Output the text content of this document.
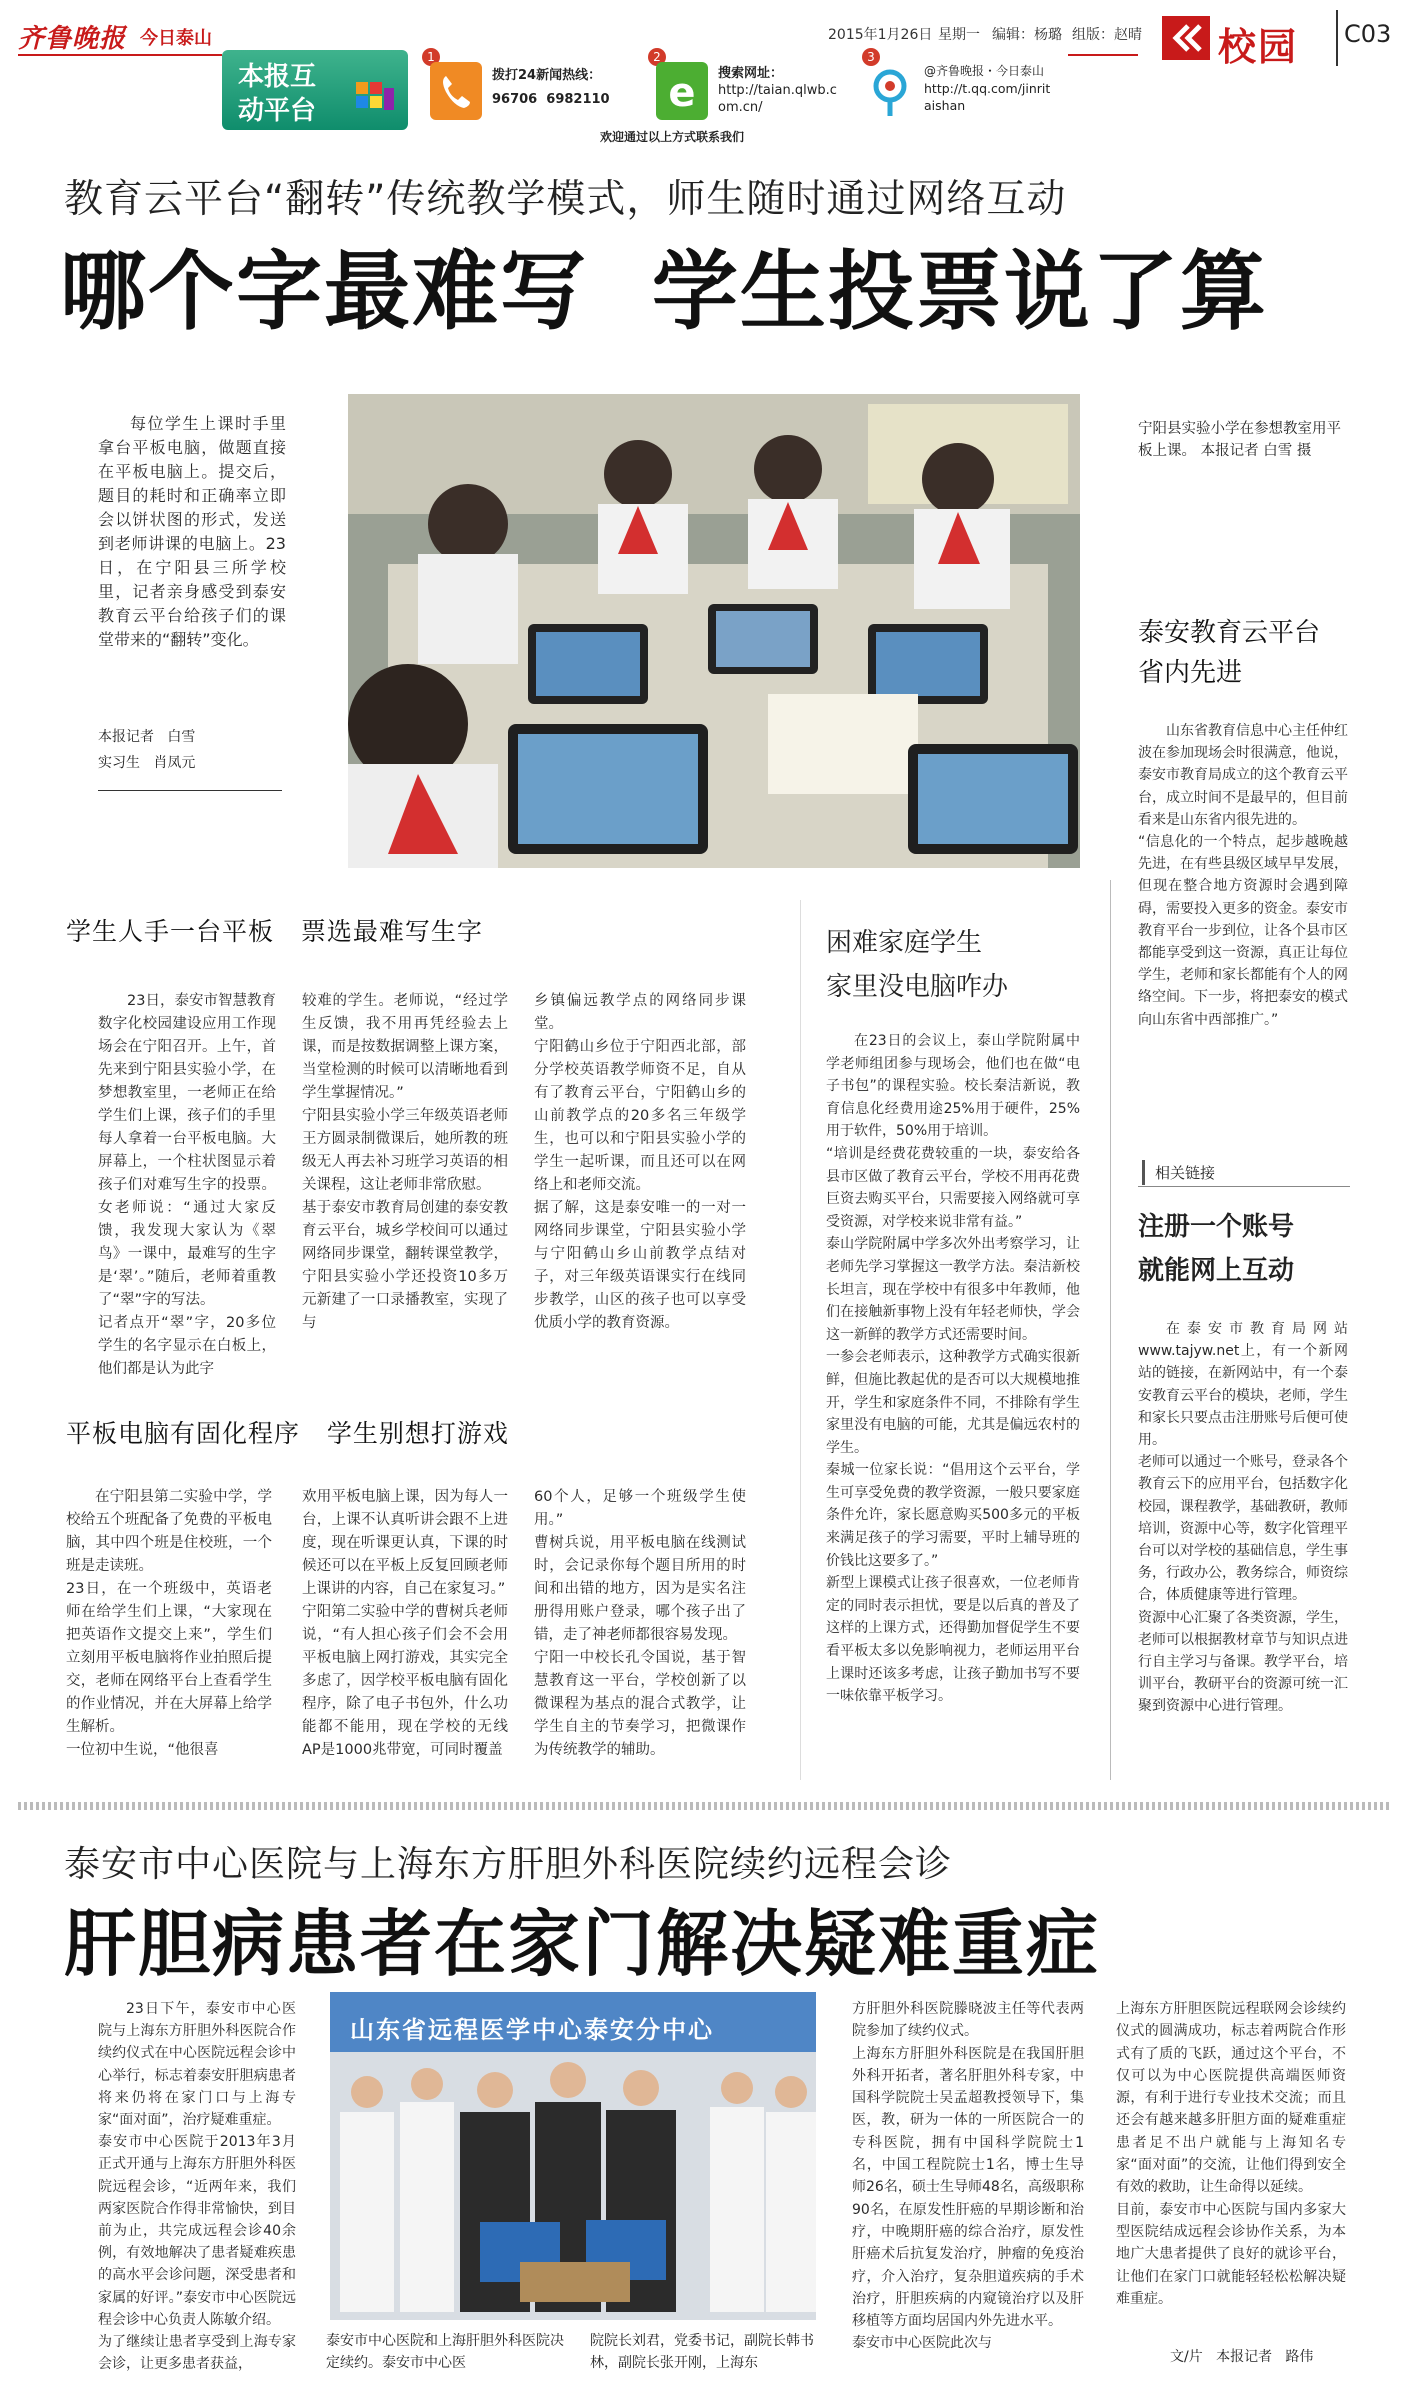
齐鲁晚报 今日泰山	2015年1月26日 星期一 编辑：杨璐 组版：赵晴 校园 C03
本报互
动平台
1
拨打24新闻热线：
96706  6982110
2
e 搜索网址：
http://taian.qlwb.com.cn/
3
@齐鲁晚报・今日泰山
http://t.qq.com/jinritaishan
欢迎通过以上方式联系我们
教育云平台“翻转”传统教学模式，师生随时通过网络互动
哪个字最难写  学生投票说了算
每位学生上课时手里拿台平板电脑，做题直接在平板电脑上。提交后，题目的耗时和正确率立即会以饼状图的形式，发送到老师讲课的电脑上。23日，在宁阳县三所学校里，记者亲身感受到泰安教育云平台给孩子们的课堂带来的“翻转”变化。
本报记者   白雪
实习生   肖凤元
宁阳县实验小学在参想教室用平板上课。 本报记者 白雪 摄
泰安教育云平台
省内先进
山东省教育信息中心主任仲红波在参加现场会时很满意，他说，泰安市教育局成立的这个教育云平台，成立时间不是最早的，但目前看来是山东省内很先进的。
“信息化的一个特点，起步越晚越先进，在有些县级区域早早发展，但现在整合地方资源时会遇到障碍，需要投入更多的资金。泰安市教育平台一步到位，让各个县市区都能享受到这一资源，真正让每位学生，老师和家长都能有个人的网络空间。下一步，将把泰安的模式向山东省中西部推广。”
相关链接
注册一个账号
就能网上互动
在泰安市教育局网站www.tajyw.net上，有一个新网站的链接，在新网站中，有一个泰安教育云平台的模块，老师，学生和家长只要点击注册账号后便可使用。
老师可以通过一个账号，登录各个教育云下的应用平台，包括数字化校园，课程教学，基础教研，教师培训，资源中心等，数字化管理平台可以对学校的基础信息，学生事务，行政办公，教务综合，师资综合，体质健康等进行管理。
资源中心汇聚了各类资源，学生，老师可以根据教材章节与知识点进行自主学习与备课。教学平台，培训平台，教研平台的资源可统一汇聚到资源中心进行管理。
学生人手一台平板   票选最难写生字
23日，泰安市智慧教育数字化校园建设应用工作现场会在宁阳召开。上午，首先来到宁阳县实验小学，在梦想教室里，一老师正在给学生们上课，孩子们的手里每人拿着一台平板电脑。大屏幕上，一个柱状图显示着孩子们对难写生字的投票。女老师说：“通过大家反馈，我发现大家认为《翠鸟》一课中，最难写的生字是‘翠’。”随后，老师着重教了“翠”字的写法。
记者点开“翠”字，20多位学生的名字显示在白板上，他们都是认为此字
较难的学生。老师说，“经过学生反馈，我不用再凭经验去上课，而是按数据调整上课方案，当堂检测的时候可以清晰地看到学生掌握情况。”
宁阳县实验小学三年级英语老师王方圆录制微课后，她所教的班级无人再去补习班学习英语的相关课程，这让老师非常欣慰。
基于泰安市教育局创建的泰安教育云平台，城乡学校间可以通过网络同步课堂，翻转课堂教学，宁阳县实验小学还投资10多万元新建了一口录播教室，实现了与
乡镇偏远教学点的网络同步课堂。
宁阳鹤山乡位于宁阳西北部，部分学校英语教学师资不足，自从有了教育云平台，宁阳鹤山乡的山前教学点的20多名三年级学生，也可以和宁阳县实验小学的学生一起听课，而且还可以在网络上和老师交流。
据了解，这是泰安唯一的一对一网络同步课堂，宁阳县实验小学与宁阳鹤山乡山前教学点结对子，对三年级英语课实行在线同步教学，山区的孩子也可以享受优质小学的教育资源。
平板电脑有固化程序   学生别想打游戏
在宁阳县第二实验中学，学校给五个班配备了免费的平板电脑，其中四个班是住校班，一个班是走读班。
23日，在一个班级中，英语老师在给学生们上课，“大家现在把英语作文提交上来”，学生们立刻用平板电脑将作业拍照后提交，老师在网络平台上查看学生的作业情况，并在大屏幕上给学生解析。
一位初中生说，“他很喜
欢用平板电脑上课，因为每人一台，上课不认真听讲会跟不上进度，现在听课更认真，下课的时候还可以在平板上反复回顾老师上课讲的内容，自己在家复习。”
宁阳第二实验中学的曹树兵老师说，“有人担心孩子们会不会用平板电脑上网打游戏，其实完全多虑了，因学校平板电脑有固化程序，除了电子书包外，什么功能都不能用，现在学校的无线AP是1000兆带宽，可同时覆盖
60个人，足够一个班级学生使用。”
曹树兵说，用平板电脑在线测试时，会记录你每个题目所用的时间和出错的地方，因为是实名注册得用账户登录，哪个孩子出了错，走了神老师都很容易发现。
宁阳一中校长孔令国说，基于智慧教育这一平台，学校创新了以微课程为基点的混合式教学，让学生自主的节奏学习，把微课作为传统教学的辅助。
困难家庭学生
家里没电脑咋办
在23日的会议上，泰山学院附属中学老师组团参与现场会，他们也在做“电子书包”的课程实验。校长秦洁新说，教育信息化经费用途25%用于硬件，25%用于软件，50%用于培训。
“培训是经费花费较重的一块，泰安给各县市区做了教育云平台，学校不用再花费巨资去购买平台，只需要接入网络就可享受资源，对学校来说非常有益。”
泰山学院附属中学多次外出考察学习，让老师先学习掌握这一教学方法。秦洁新校长坦言，现在学校中有很多中年教师，他们在接触新事物上没有年轻老师快，学会这一新鲜的教学方式还需要时间。
一参会老师表示，这种教学方式确实很新鲜，但施比教起优的是否可以大规模地推开，学生和家庭条件不同，不排除有学生家里没有电脑的可能，尤其是偏远农村的学生。
秦城一位家长说：“倡用这个云平台，学生可享受免费的教学资源，一般只要家庭条件允许，家长愿意购买500多元的平板来满足孩子的学习需要，平时上辅导班的价钱比这要多了。”
新型上课模式让孩子很喜欢，一位老师肯定的同时表示担忧，要是以后真的普及了这样的上课方式，还得勤加督促学生不要看平板太多以免影响视力，老师运用平台上课时还该多考虑，让孩子勤加书写不要一味依靠平板学习。
泰安市中心医院与上海东方肝胆外科医院续约远程会诊
肝胆病患者在家门解决疑难重症
23日下午，泰安市中心医院与上海东方肝胆外科医院合作续约仪式在中心医院远程会诊中心举行，标志着泰安肝胆病患者将来仍将在家门口与上海专家“面对面”，治疗疑难重症。
泰安市中心医院于2013年3月正式开通与上海东方肝胆外科医院远程会诊，“近两年来，我们两家医院合作得非常愉快，到目前为止，共完成远程会诊40余例，有效地解决了患者疑难疾患的高水平会诊问题，深受患者和家属的好评。”泰安市中心医院远程会诊中心负责人陈敏介绍。
为了继续让患者享受到上海专家会诊，让更多患者获益，
山东省远程医学中心泰安分中心
泰安市中心医院和上海肝胆外科医院决定续约。泰安市中心医
院院长刘君，党委书记，副院长韩书林，副院长张开刚，上海东
方肝胆外科医院滕晓波主任等代表两院参加了续约仪式。
上海东方肝胆外科医院是在我国肝胆外科开拓者，著名肝胆外科专家，中国科学院院士吴孟超教授领导下，集医，教，研为一体的一所医院合一的专科医院，拥有中国科学院院士1名，中国工程院院士1名，博士生导师26名，硕士生导师48名，高级职称90名，在原发性肝癌的早期诊断和治疗，中晚期肝癌的综合治疗，原发性肝癌术后抗复发治疗，肿瘤的免疫治疗，介入治疗，复杂胆道疾病的手术治疗，肝胆疾病的内窥镜治疗以及肝移植等方面均居国内外先进水平。
泰安市中心医院此次与
上海东方肝胆医院远程联网会诊续约仪式的圆满成功，标志着两院合作形式有了质的飞跃，通过这个平台，不仅可以为中心医院提供高端医师资源，有利于进行专业技术交流；而且还会有越来越多肝胆方面的疑难重症患者足不出户就能与上海知名专家“面对面”的交流，让他们得到安全有效的救助，让生命得以延续。
目前，泰安市中心医院与国内多家大型医院结成远程会诊协作关系，为本地广大患者提供了良好的就诊平台，让他们在家门口就能轻轻松松解决疑难重症。
文/片   本报记者   路伟
